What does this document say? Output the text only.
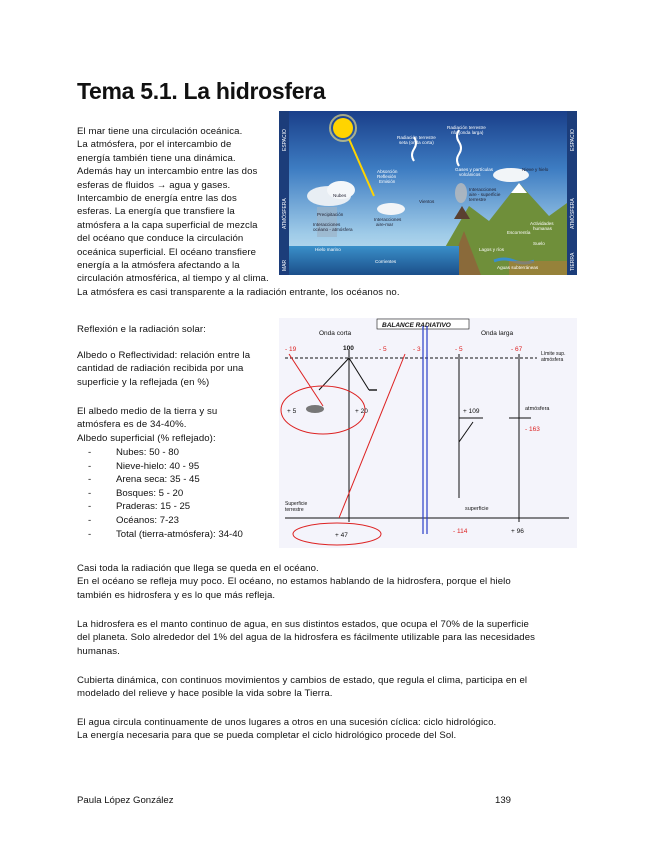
Tema 5.1. La hidrosfera
El mar tiene una circulación oceánica.
La atmósfera, por el intercambio de
energía también tiene una dinámica.
Además hay un intercambio entre las dos
esferas de fluidos → agua y gases.
Intercambio de energía entre las dos
esferas. La energía que transfiere la
atmósfera a la capa superficial de mezcla
del océano que conduce la circulación
oceánica superficial. El océano transfiere
energía a la atmósfera afectando a la
circulación atmosférica, al tiempo y al clima.
La atmósfera es casi transparente a la radiación entrante, los océanos no.
ESPACIO
ATMÓSFERA
MAR
ESPACIO
ATMÓSFERA
TIERRA
Radiación terrestre seta (onda corta)
Radiación terrestre nfa (onda larga)
Absorción Reflexión Emisión
Nubes
Vientos
Gases y partículas volcánicos
Interacciones aire - superficie terrestre
Nieve y hielo
Precipitación
Interacciones océano - atmósfera
Interacciones aire-mar	Actividades humanas
Hielo marino
Corrientes
Suelo
Lagos y ríos
Escorrentía
Aguas subterráneas
Reflexión e la radiación solar:
Albedo o Reflectividad: relación entre la
cantidad de radiación recibida por una
superficie y la reflejada (en %)
El albedo medio de la tierra y su
atmósfera es de 34-40%.
Albedo superficial (% reflejado):
-	Nubes: 50 - 80
-	Nieve-hielo: 40 - 95
-	Arena seca: 35 - 45
-	Bosques: 5 - 20
-	Praderas: 15 - 25
-	Océanos: 7-23
-	Total (tierra-atmósfera): 34-40
BALANCE RADIATIVO
Onda corta	Onda larga
Límite sup. atmósfera
Superficie terrestre	superficie
atmósfera
- 19	100	- 5	- 3	- 5	- 67
+ 5	+ 20	+ 109
- 163
+ 47
- 114	+ 96
Casi toda la radiación que llega se queda en el océano.
En el océano se refleja muy poco. El océano, no estamos hablando de la hidrosfera, porque el hielo
también es hidrosfera y es lo que más refleja.
La hidrosfera es el manto continuo de agua, en sus distintos estados, que ocupa el 70% de la superficie
del planeta. Solo alrededor del 1% del agua de la hidrosfera es fácilmente utilizable para las necesidades
humanas.
Cubierta dinámica, con continuos movimientos y cambios de estado, que regula el clima, participa en el
modelado del relieve y hace posible la vida sobre la Tierra.
El agua circula continuamente de unos lugares a otros en una sucesión cíclica: ciclo hidrológico.
La energía necesaria para que se pueda completar el ciclo hidrológico procede del Sol.
Paula López González	139
